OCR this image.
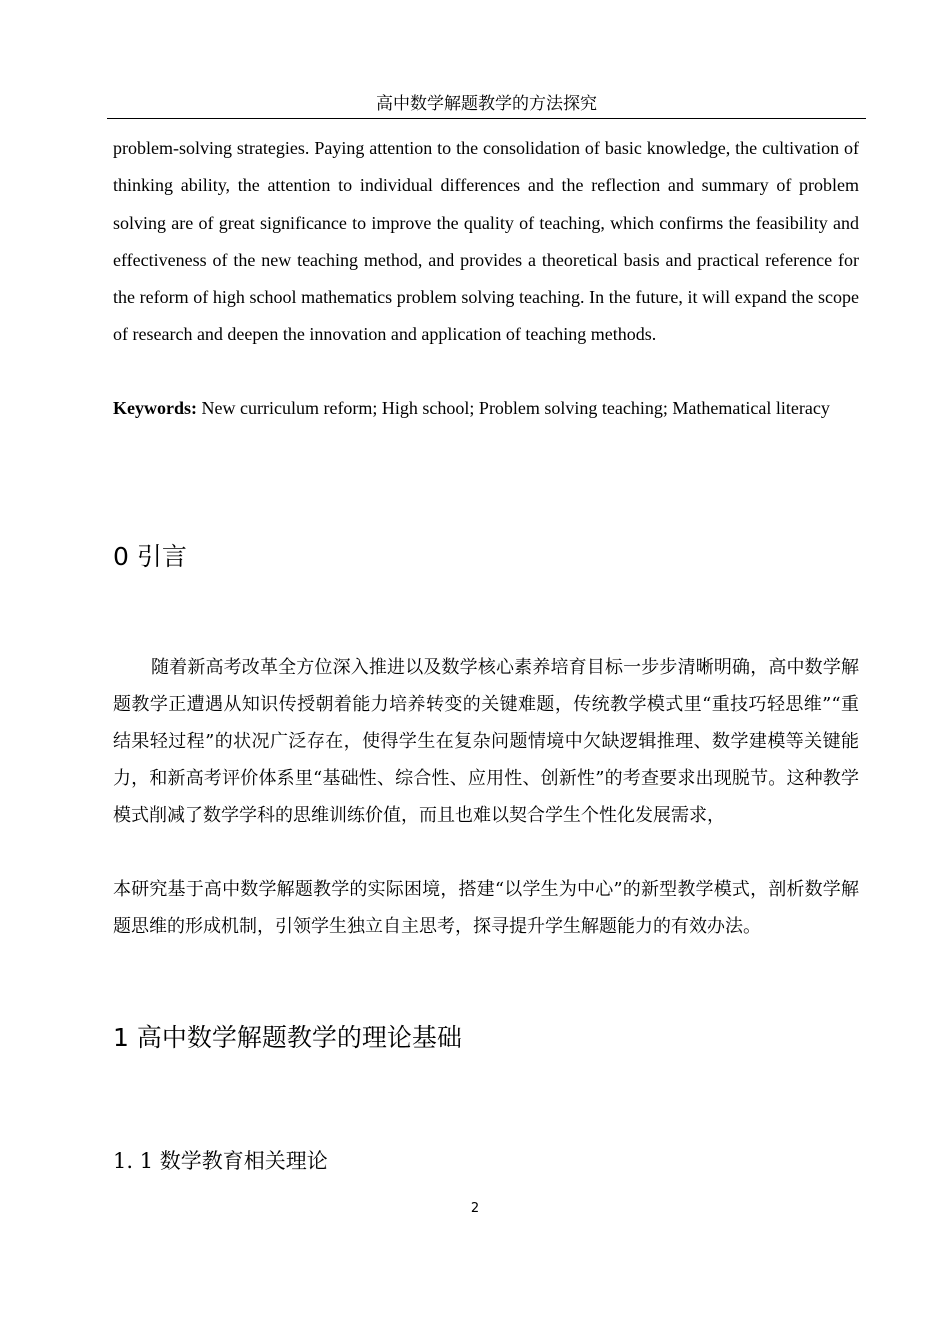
高中数学解题教学的方法探究

problem-solving strategies. Paying attention to the consolidation of basic knowledge, the cultivation of thinking ability, the attention to individual differences and the reflection and summary of problem solving are of great significance to improve the quality of teaching, which confirms the feasibility and effectiveness of the new teaching method, and provides a theoretical basis and practical reference for the reform of high school mathematics problem solving teaching. In the future, it will expand the scope of research and deepen the innovation and application of teaching methods.

Keywords: New curriculum reform; High school; Problem solving teaching; Mathematical literacy

0 引言

随着新高考改革全方位深入推进以及数学核心素养培育目标一步步清晰明确，高中数学解题教学正遭遇从知识传授朝着能力培养转变的关键难题，传统教学模式里“重技巧轻思维”“重结果轻过程”的状况广泛存在，使得学生在复杂问题情境中欠缺逻辑推理、数学建模等关键能力，和新高考评价体系里“基础性、综合性、应用性、创新性”的考查要求出现脱节。这种教学模式削减了数学学科的思维训练价值，而且也难以契合学生个性化发展需求，

本研究基于高中数学解题教学的实际困境，搭建“以学生为中心”的新型教学模式，剖析数学解题思维的形成机制，引领学生独立自主思考，探寻提升学生解题能力的有效办法。

1 高中数学解题教学的理论基础
1. 1 数学教育相关理论
2
